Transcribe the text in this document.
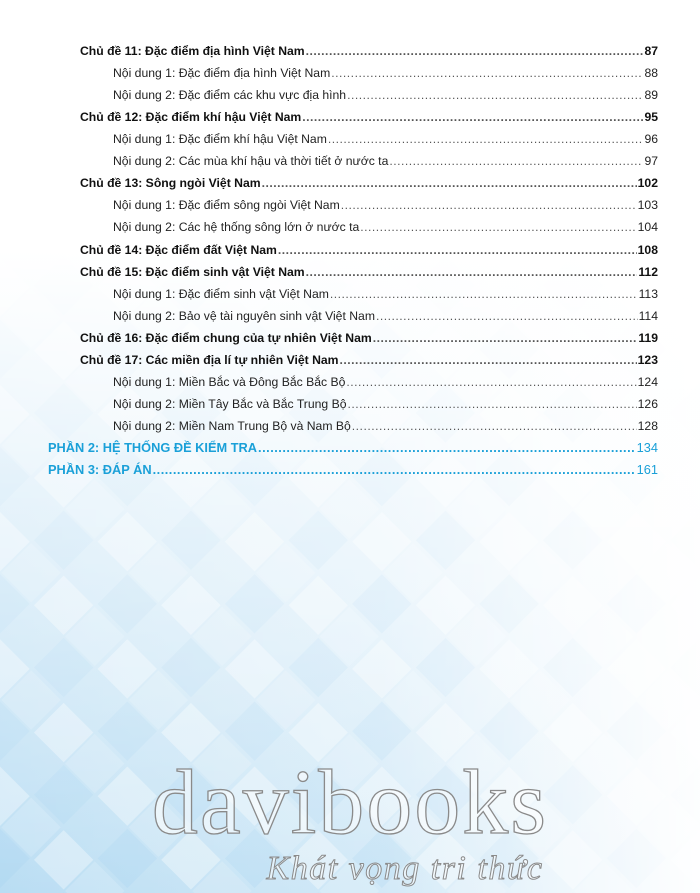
Chủ đề 11: Đặc điểm địa hình Việt Nam .....	87
Nội dung 1: Đặc điểm địa hình Việt Nam .....	88
Nội dung 2: Đặc điểm các khu vực địa hình .....	89
Chủ đề 12: Đặc điểm khí hậu Việt Nam .....	95
Nội dung 1: Đặc điểm khí hậu Việt Nam .....	96
Nội dung 2: Các mùa khí hậu và thời tiết ở nước ta .....	97
Chủ đề 13: Sông ngòi Việt Nam .....	102
Nội dung 1: Đặc điểm sông ngòi Việt Nam .....	103
Nội dung 2: Các hệ thống sông lớn ở nước ta .....	104
Chủ đề 14: Đặc điểm đất Việt Nam .....	108
Chủ đề 15: Đặc điểm sinh vật Việt Nam .....	112
Nội dung 1: Đặc điểm sinh vật Việt Nam .....	113
Nội dung 2: Bảo vệ tài nguyên sinh vật Việt Nam .....	114
Chủ đề 16: Đặc điểm chung của tự nhiên Việt Nam .....	119
Chủ đề 17: Các miền địa lí tự nhiên Việt Nam .....	123
Nội dung 1: Miền Bắc và Đông Bắc Bắc Bộ .....	124
Nội dung 2: Miền Tây Bắc và Bắc Trung Bộ .....	126
Nội dung 2: Miền Nam Trung Bộ và Nam Bộ .....	128
PHẦN 2: HỆ THỐNG ĐỀ KIỂM TRA .....	134
PHẦN 3: ĐÁP ÁN .....	161
davibooks
Khát vọng tri thức
